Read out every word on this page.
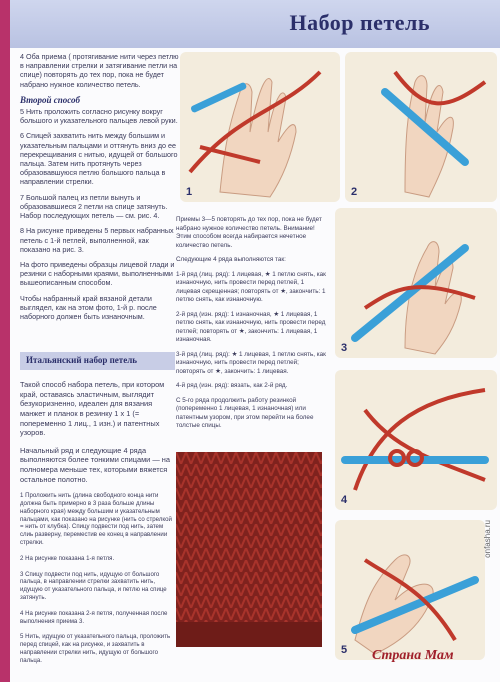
Набор петель

4 Оба приема ( протягивание нити через петлю в направлении стрелки и затягивание петли на спице) повторять до тех пор, пока не будет набрано нужное количество петель.

Второй способ

5 Нить проложить согласно рисунку вокруг большого и указательного пальцев левой руки.

6 Спицей захватить нить между большим и указательным пальцами и оттянуть вниз до ее перекрещивания с нитью, идущей от большого пальца. Затем нить протянуть через образовавшуюся петлю большого пальца в направлении стрелки.

7 Большой палец из петли вынуть и образовавшиеся 2 петли на спице затянуть. Набор последующих петель — см. рис. 4.

8 На рисунке приведены 5 первых набранных петель с 1-й петлей, выполненной, как показано на рис. 3.

На фото приведены образцы лицевой глади и резинки с наборными краями, выполненными вышеописанным способом.

Чтобы набранный край вязаной детали выглядел, как на этом фото, 1-й р. после наборного должен быть изнаночным.

Итальянский набор петель

Такой способ набора петель, при котором край, оставаясь эластичным, выглядит безукоризненно, идеален для вязания манжет и планок в резинку 1 х 1 (= попеременно 1 лиц., 1 изн.) и патентных узоров.

Начальный ряд и следующие 4 ряда выполняются более тонкими спицами — на полномера меньше тех, которыми вяжется остальное полотно.

1 Проложить нить (длина свободного конца нити должна быть примерно в 3 раза больше длины наборного края) между большим и указательным пальцами, как показано на рисунке (нить со стрелкой = нить от клубка). Спицу подвести под нить, затем слиь разверну, переместив ее конец в направлении стрелки.

2 На рисунке показана 1-я петля.

3 Спицу подвести под нить, идущую от большого пальца, в направлении стрелки захватить нить, идущую от указательного пальца, и петлю на спице затянуть.

4 На рисунке показана 2-я петля, полученная после выполнения приема 3.

5 Нить, идущую от указательного пальца, проложить перед спицей, как на рисунке, и захватить в направлении стрелки нить, идущую от большого пальца.

Приемы 3—5 повторять до тех пор, пока не будет набрано нужное количество петель. Внимание! Этим способом всегда набирается нечетное количество петель.

Следующие 4 ряда выполняются так:

1-й ряд (лиц. ряд): 1 лицевая, ★ 1 петлю снять, как изнаночную, нить провести перед петлей, 1 лицевая скрещенная; повторять от ★, закончить: 1 петлю снять, как изнаночную.

2-й ряд (изн. ряд): 1 изнаночная, ★ 1 лицевая, 1 петлю снять, как изнаночную, нить провести перед петлей; повторять от ★, закончить: 1 лицевая, 1 изнаночная.

3-й ряд (лиц. ряд): ★ 1 лицевая, 1 петлю снять, как изнаночную, нить провести перед петлей; повторять от ★, закончить: 1 лицевая.

4-й ряд (изн. ряд): вязать, как 2-й ряд.

С 5-го ряда продолжить работу резинкой (попеременно 1 лицевая, 1 изнаночная) или патентным узором, при этом перейти на более толстые спицы.

1	2
3
4
5 Страна Мам
onfasha.ru
